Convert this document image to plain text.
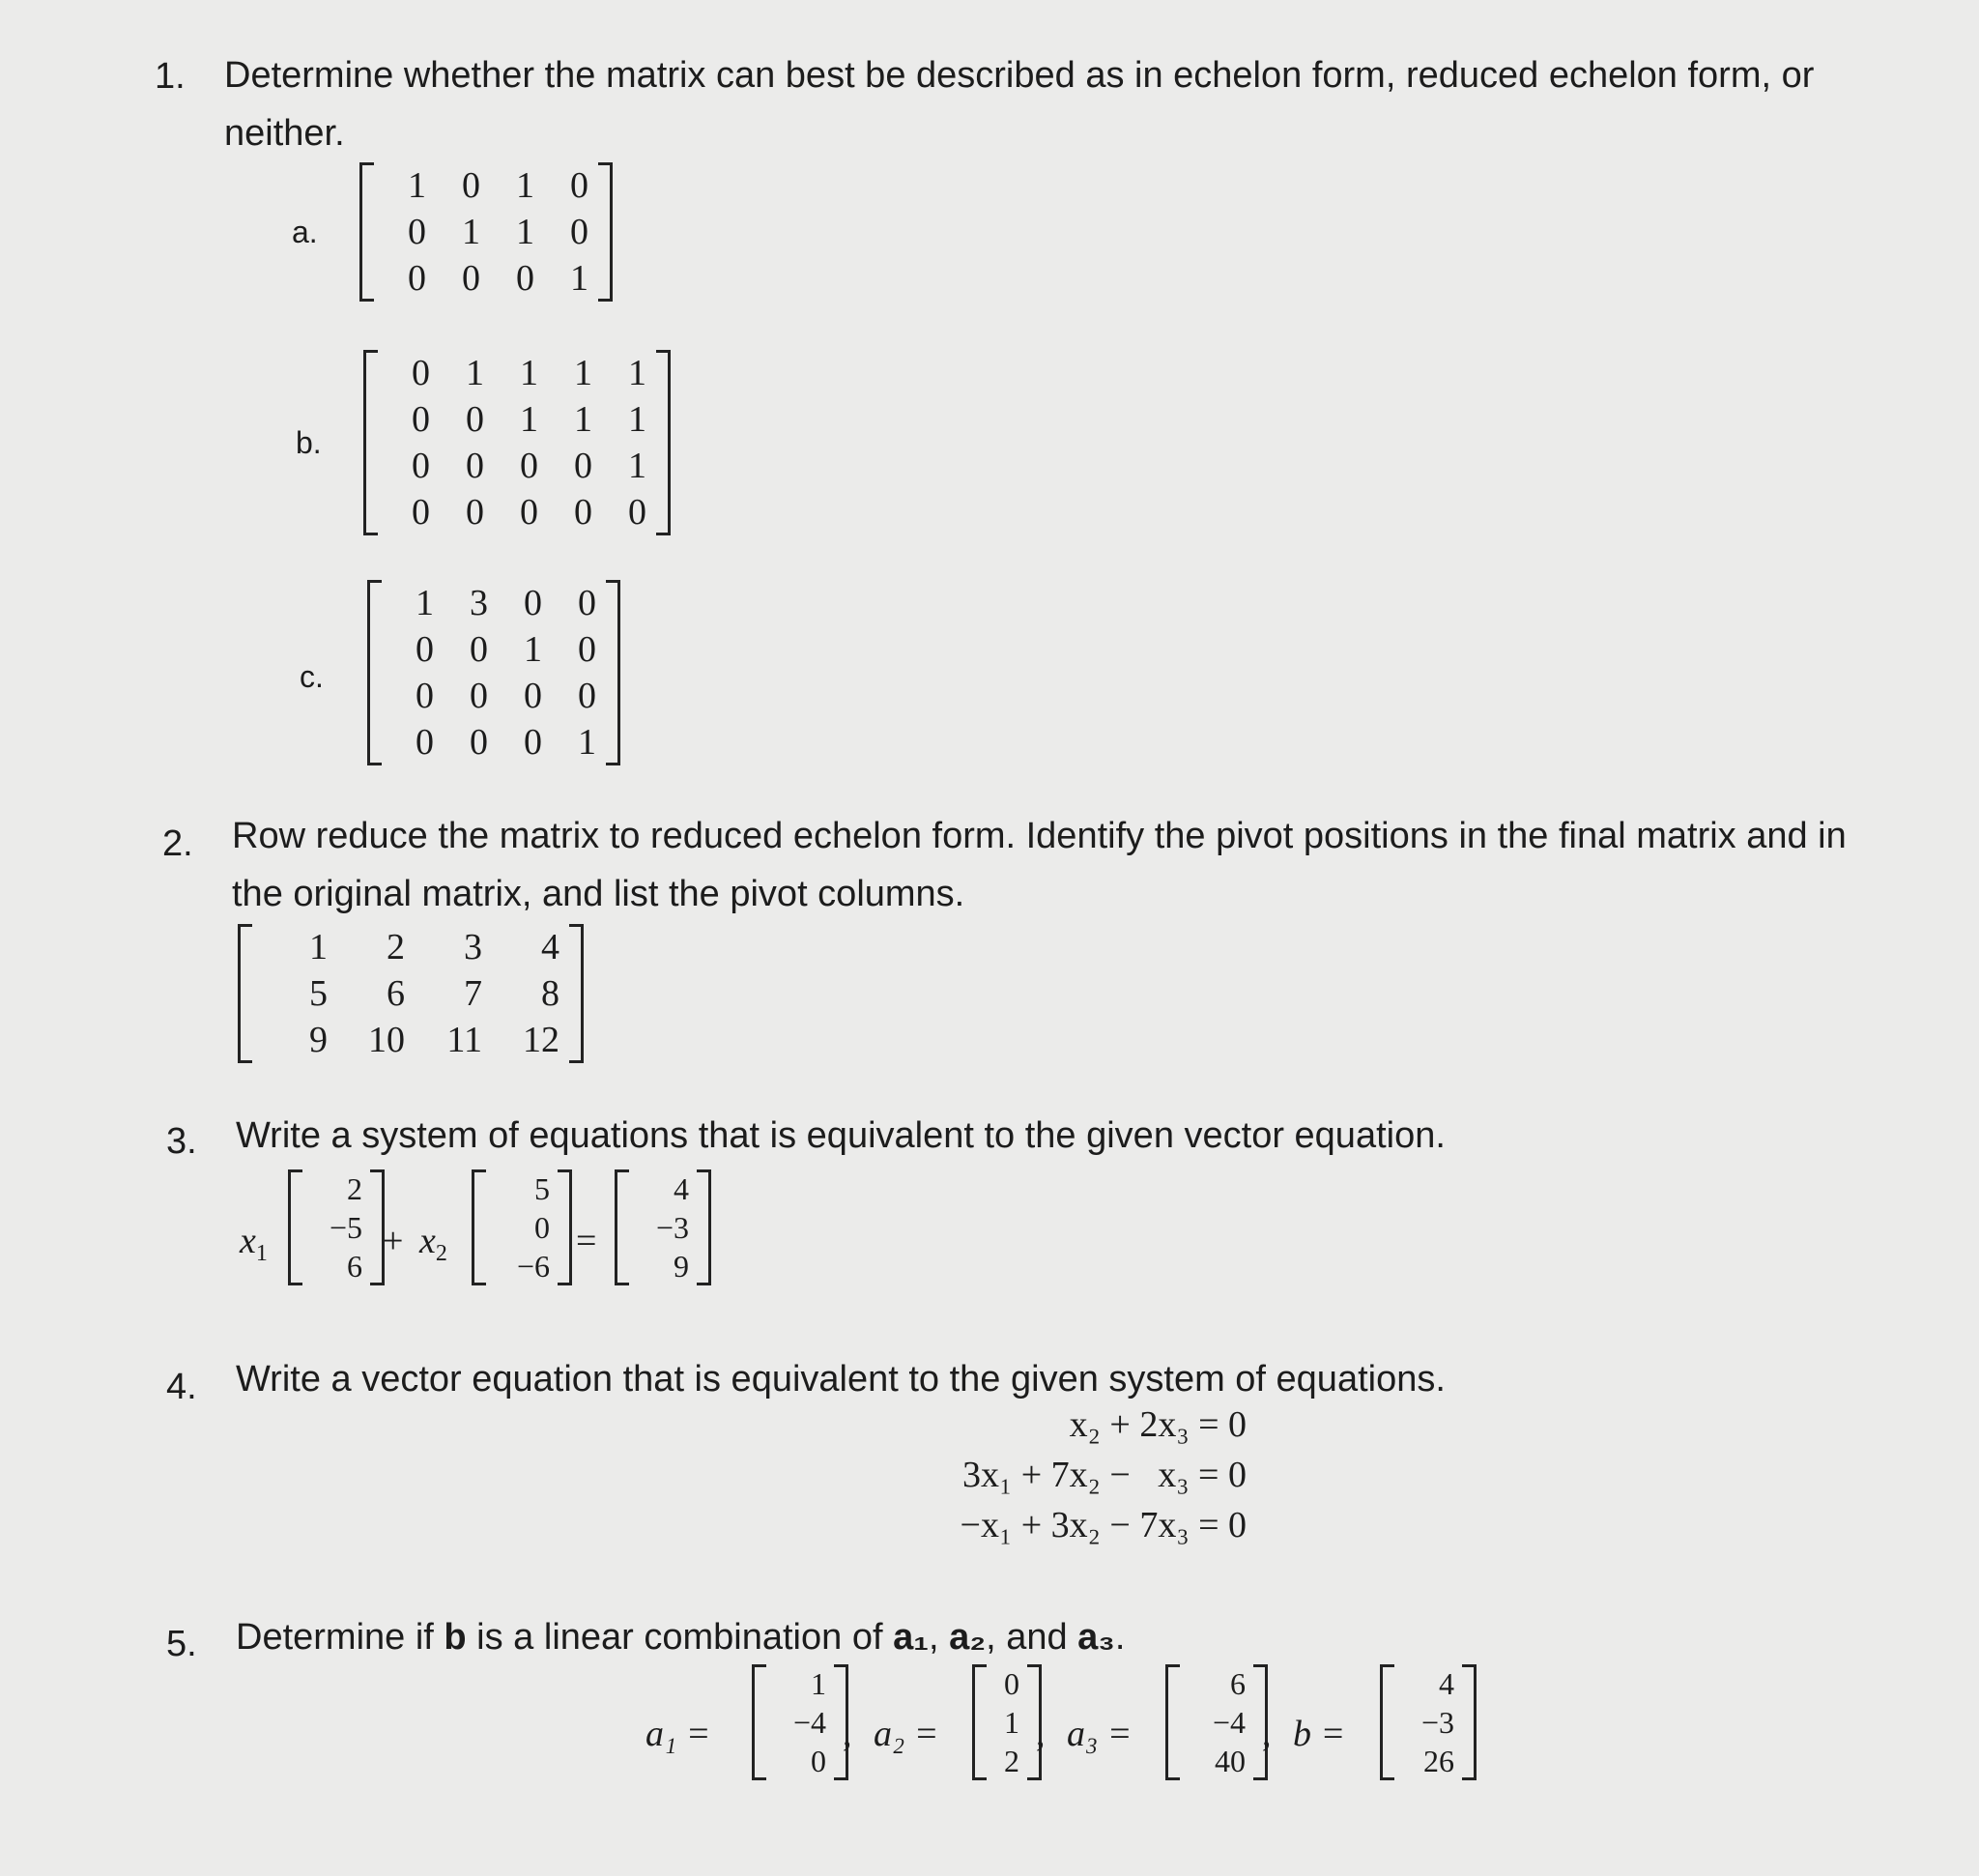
1. Determine whether the matrix can best be described as in echelon form, reduced echelon form, or neither.
a.
1 0 1 0
0 1 1 0
0 0 0 1
b.
0 1 1 1 1
0 0 1 1 1
0 0 0 0 1
0 0 0 0 0
c.
1 3 0 0
0 0 1 0
0 0 0 0
0 0 0 1
2. Row reduce the matrix to reduced echelon form. Identify the pivot positions in the final matrix and in the original matrix, and list the pivot columns.
1	2	3	4
5	6	7	8
9	10	11	12
3. Write a system of equations that is equivalent to the given vector equation.
$x_1$
2
−5
6
+ $x_2$
5
0
−6
=
4
−3
9
4. Write a vector equation that is equivalent to the given system of equations.
x₂ + 2x₃ = 0
3x₁ + 7x₂ −   x₃ = 0
−x₁ + 3x₂ − 7x₃ = 0
5. Determine if b is a linear combination of a₁, a₂, and a₃.
a₁ =
1
−4
0
, a₂ =
0
1
2
, a₃ =
6
−4
40
, b =
4
−3
26
